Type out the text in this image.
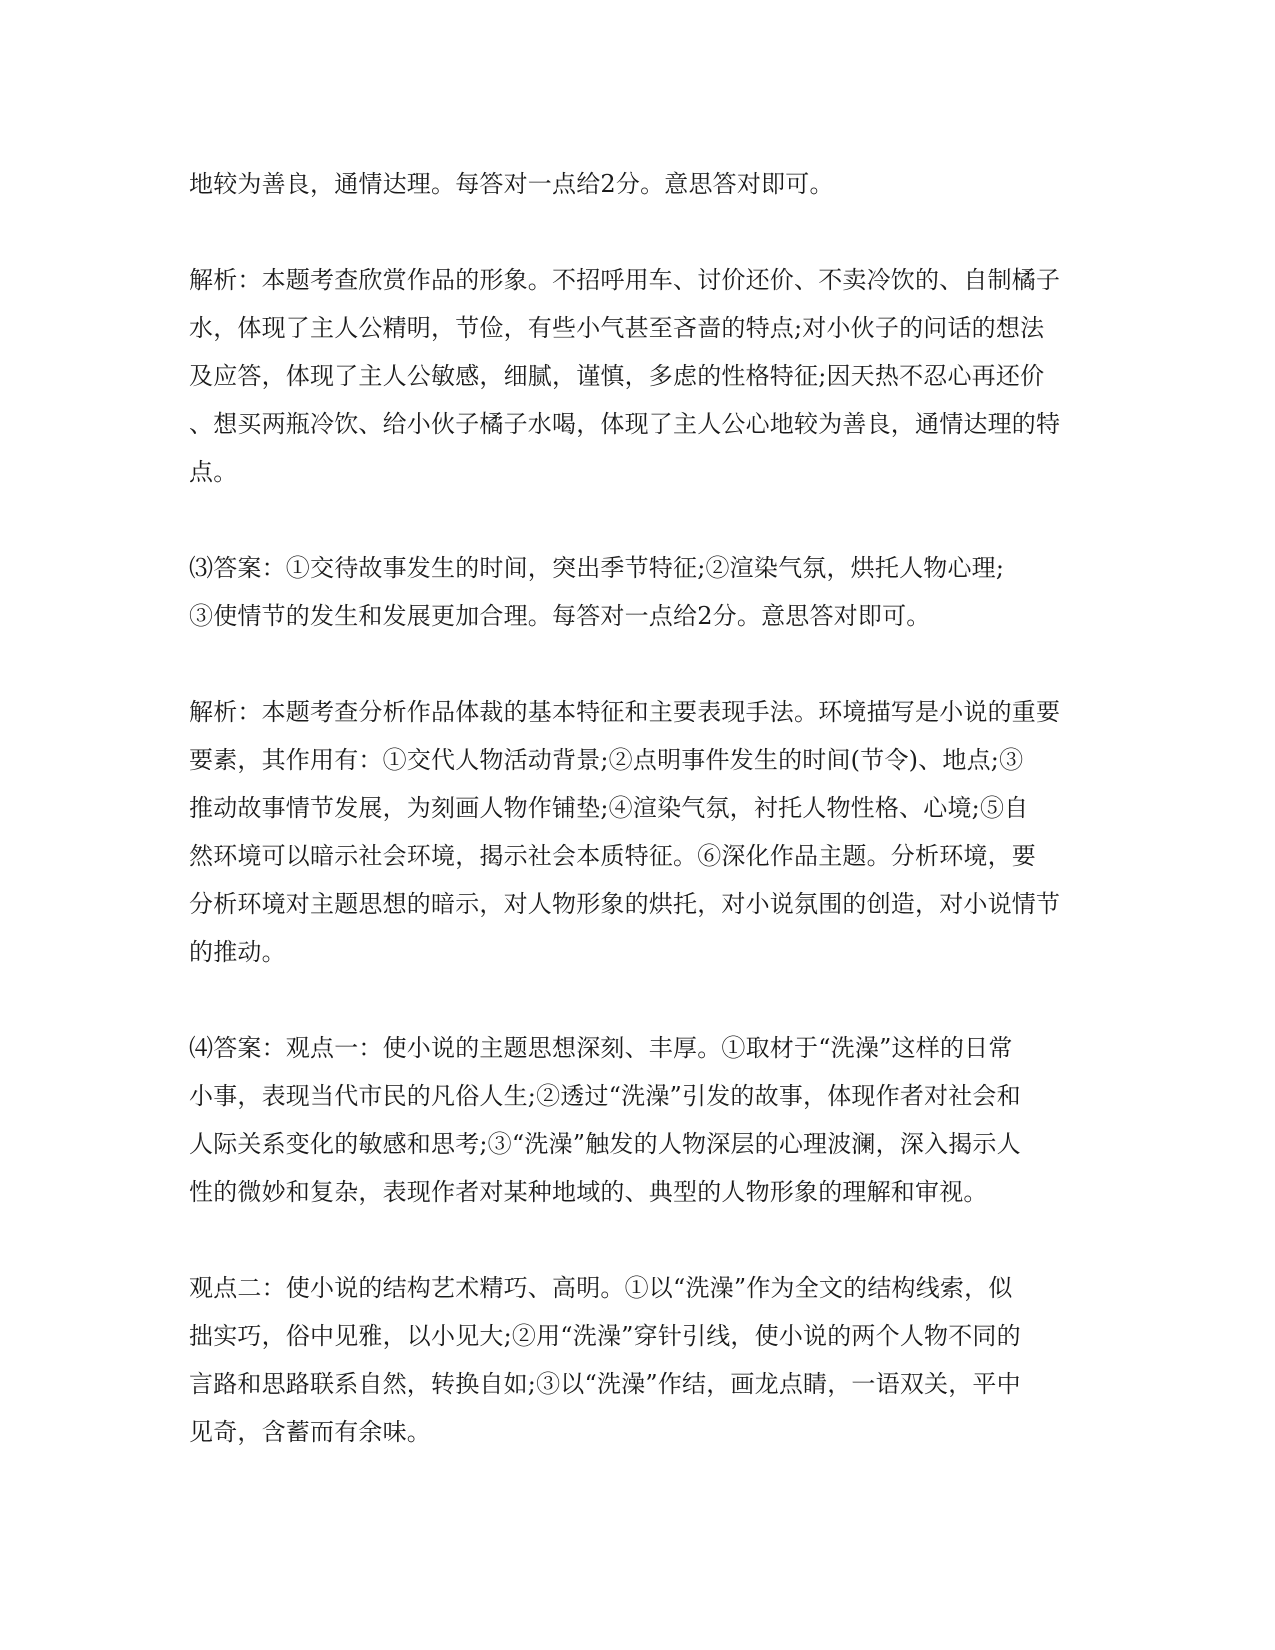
地较为善良，通情达理。每答对一点给2分。意思答对即可。

解析：本题考查欣赏作品的形象。不招呼用车、讨价还价、不卖冷饮的、自制橘子
水，体现了主人公精明，节俭，有些小气甚至吝啬的特点;对小伙子的问话的想法
及应答，体现了主人公敏感，细腻，谨慎，多虑的性格特征;因天热不忍心再还价
、想买两瓶冷饮、给小伙子橘子水喝，体现了主人公心地较为善良，通情达理的特
点。

⑶答案：①交待故事发生的时间，突出季节特征;②渲染气氛，烘托人物心理;
③使情节的发生和发展更加合理。每答对一点给2分。意思答对即可。

解析：本题考查分析作品体裁的基本特征和主要表现手法。环境描写是小说的重要
要素，其作用有：①交代人物活动背景;②点明事件发生的时间(节令)、地点;③
推动故事情节发展，为刻画人物作铺垫;④渲染气氛，衬托人物性格、心境;⑤自
然环境可以暗示社会环境，揭示社会本质特征。⑥深化作品主题。分析环境，要
分析环境对主题思想的暗示，对人物形象的烘托，对小说氛围的创造，对小说情节
的推动。

⑷答案：观点一：使小说的主题思想深刻、丰厚。①取材于“洗澡”这样的日常
小事，表现当代市民的凡俗人生;②透过“洗澡”引发的故事，体现作者对社会和
人际关系变化的敏感和思考;③“洗澡”触发的人物深层的心理波澜，深入揭示人
性的微妙和复杂，表现作者对某种地域的、典型的人物形象的理解和审视。

观点二：使小说的结构艺术精巧、高明。①以“洗澡”作为全文的结构线索，似
拙实巧，俗中见雅，以小见大;②用“洗澡”穿针引线，使小说的两个人物不同的
言路和思路联系自然，转换自如;③以“洗澡”作结，画龙点睛，一语双关，平中
见奇，含蓄而有余味。
